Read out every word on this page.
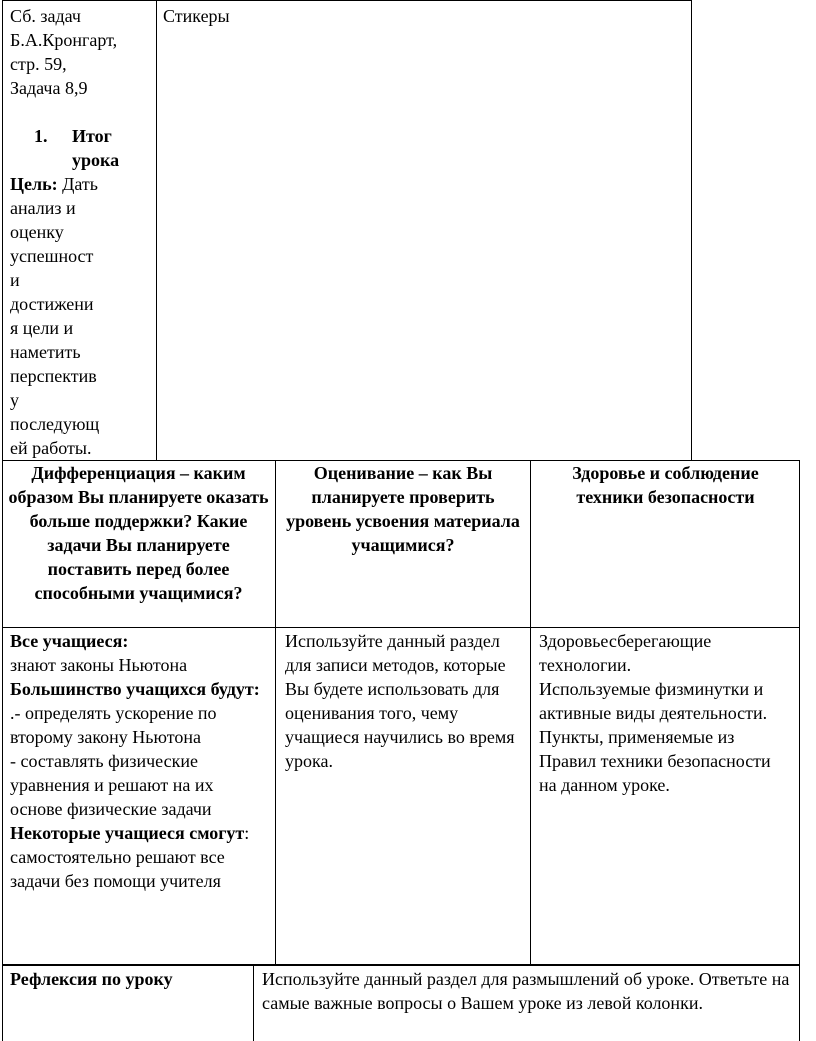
Сб. задач
Б.А.Кронгарт,
стр. 59,
Задача 8,9
1.	Итог
урока
Цель: Дать
анализ и
оценку
успешност
и
достижени
я цели и
наметить
перспектив
у
последующ
ей работы.
Стикеры
Дифференциация – каким образом Вы планируете оказать больше поддержки? Какие задачи Вы планируете поставить перед более способными учащимися?
Оценивание – как Вы планируете проверить уровень усвоения материала учащимися?
Здоровье и соблюдение техники безопасности
Все учащиеся:
знают законы Ньютона
Большинство учащихся будут:
.- определять ускорение по второму закону Ньютона
- составлять физические уравнения и решают на их основе физические задачи
Некоторые учащиеся смогут:
самостоятельно решают все задачи без помощи учителя
Используйте данный раздел для записи методов, которые Вы будете использовать для оценивания того, чему учащиеся научились во время урока.
Здоровьесберегающие технологии.
Используемые физминутки и активные виды деятельности.
Пункты, применяемые из Правил техники безопасности на данном уроке.
Рефлексия по уроку	Используйте данный раздел для размышлений об уроке. Ответьте на самые важные вопросы о Вашем уроке из левой колонки.
